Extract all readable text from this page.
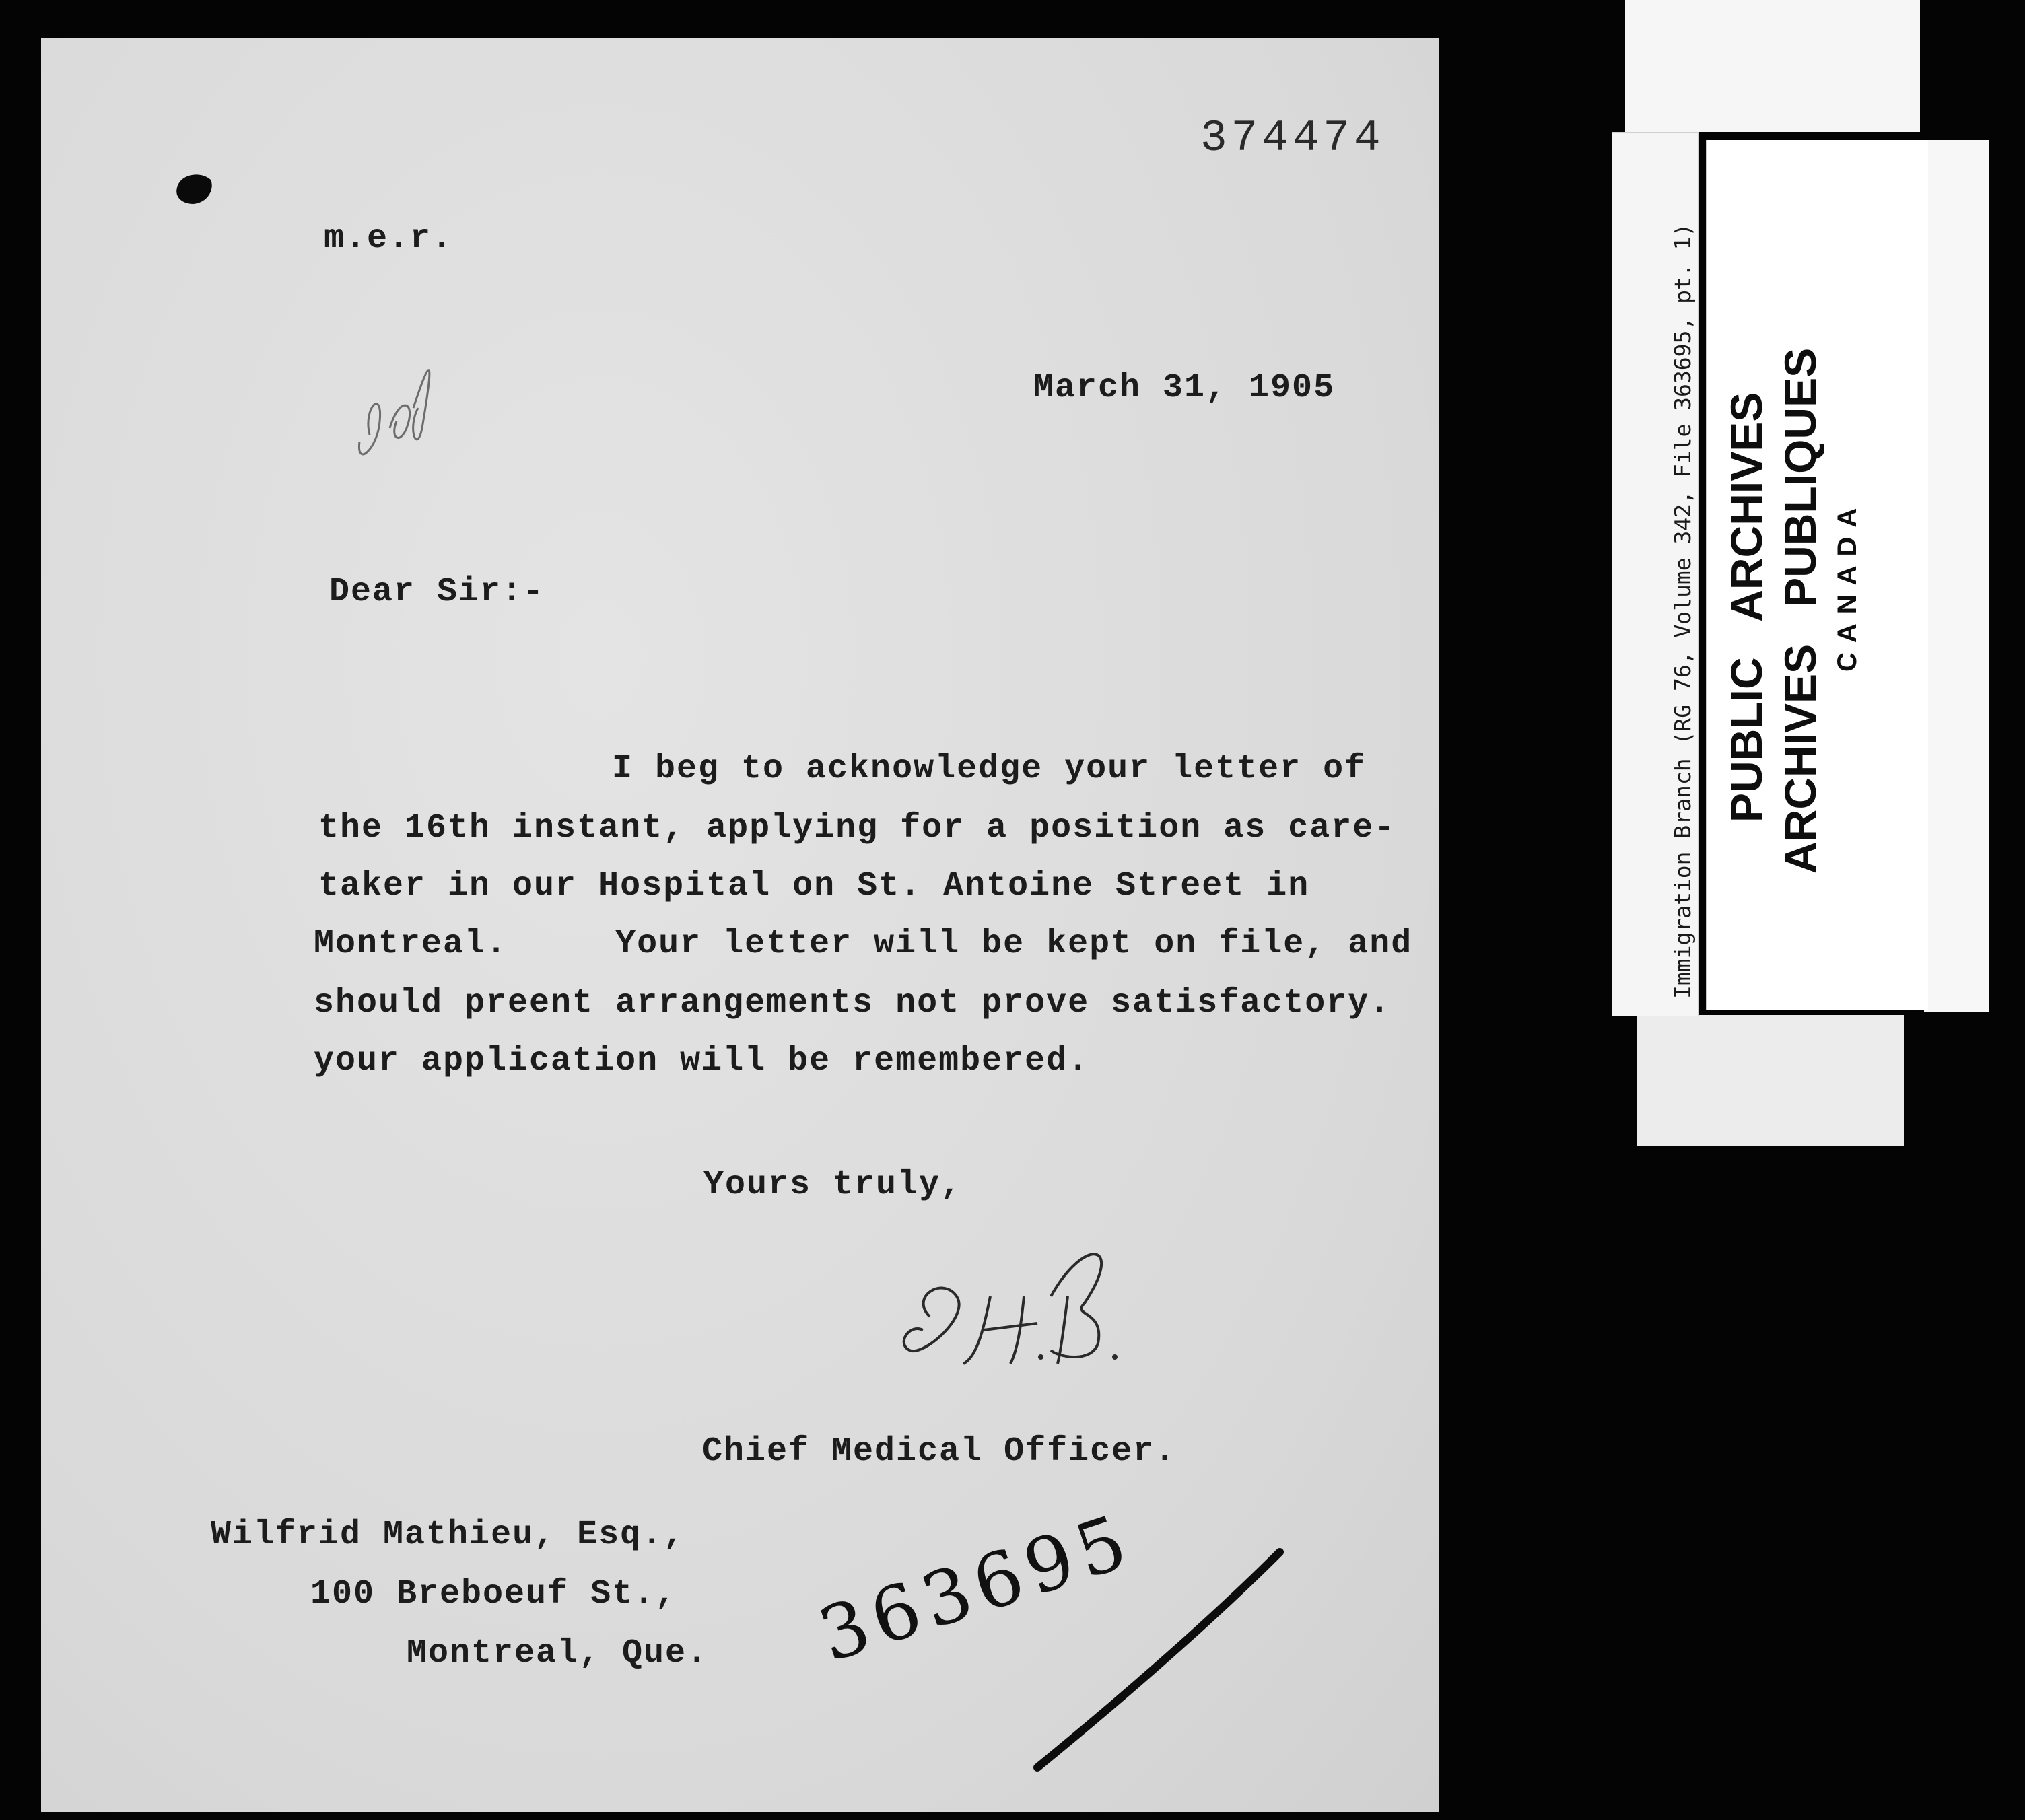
374474
m.e.r.
March 31, 1905
Dear Sir:-
I beg to acknowledge your letter of
the 16th instant, applying for a position as care-
taker in our Hospital on St. Antoine Street in
Montreal.     Your letter will be kept on file, and
should preent arrangements not prove satisfactory.
your application will be remembered.
Yours truly,
Chief Medical Officer.
Wilfrid Mathieu, Esq.,
100 Breboeuf St.,
Montreal, Que. 363695
Immigration Branch (RG 76, Volume 342, File 363695, pt. 1) PUBLIC   ARCHIVES ARCHIVES   PUBLIQUES CANADA
